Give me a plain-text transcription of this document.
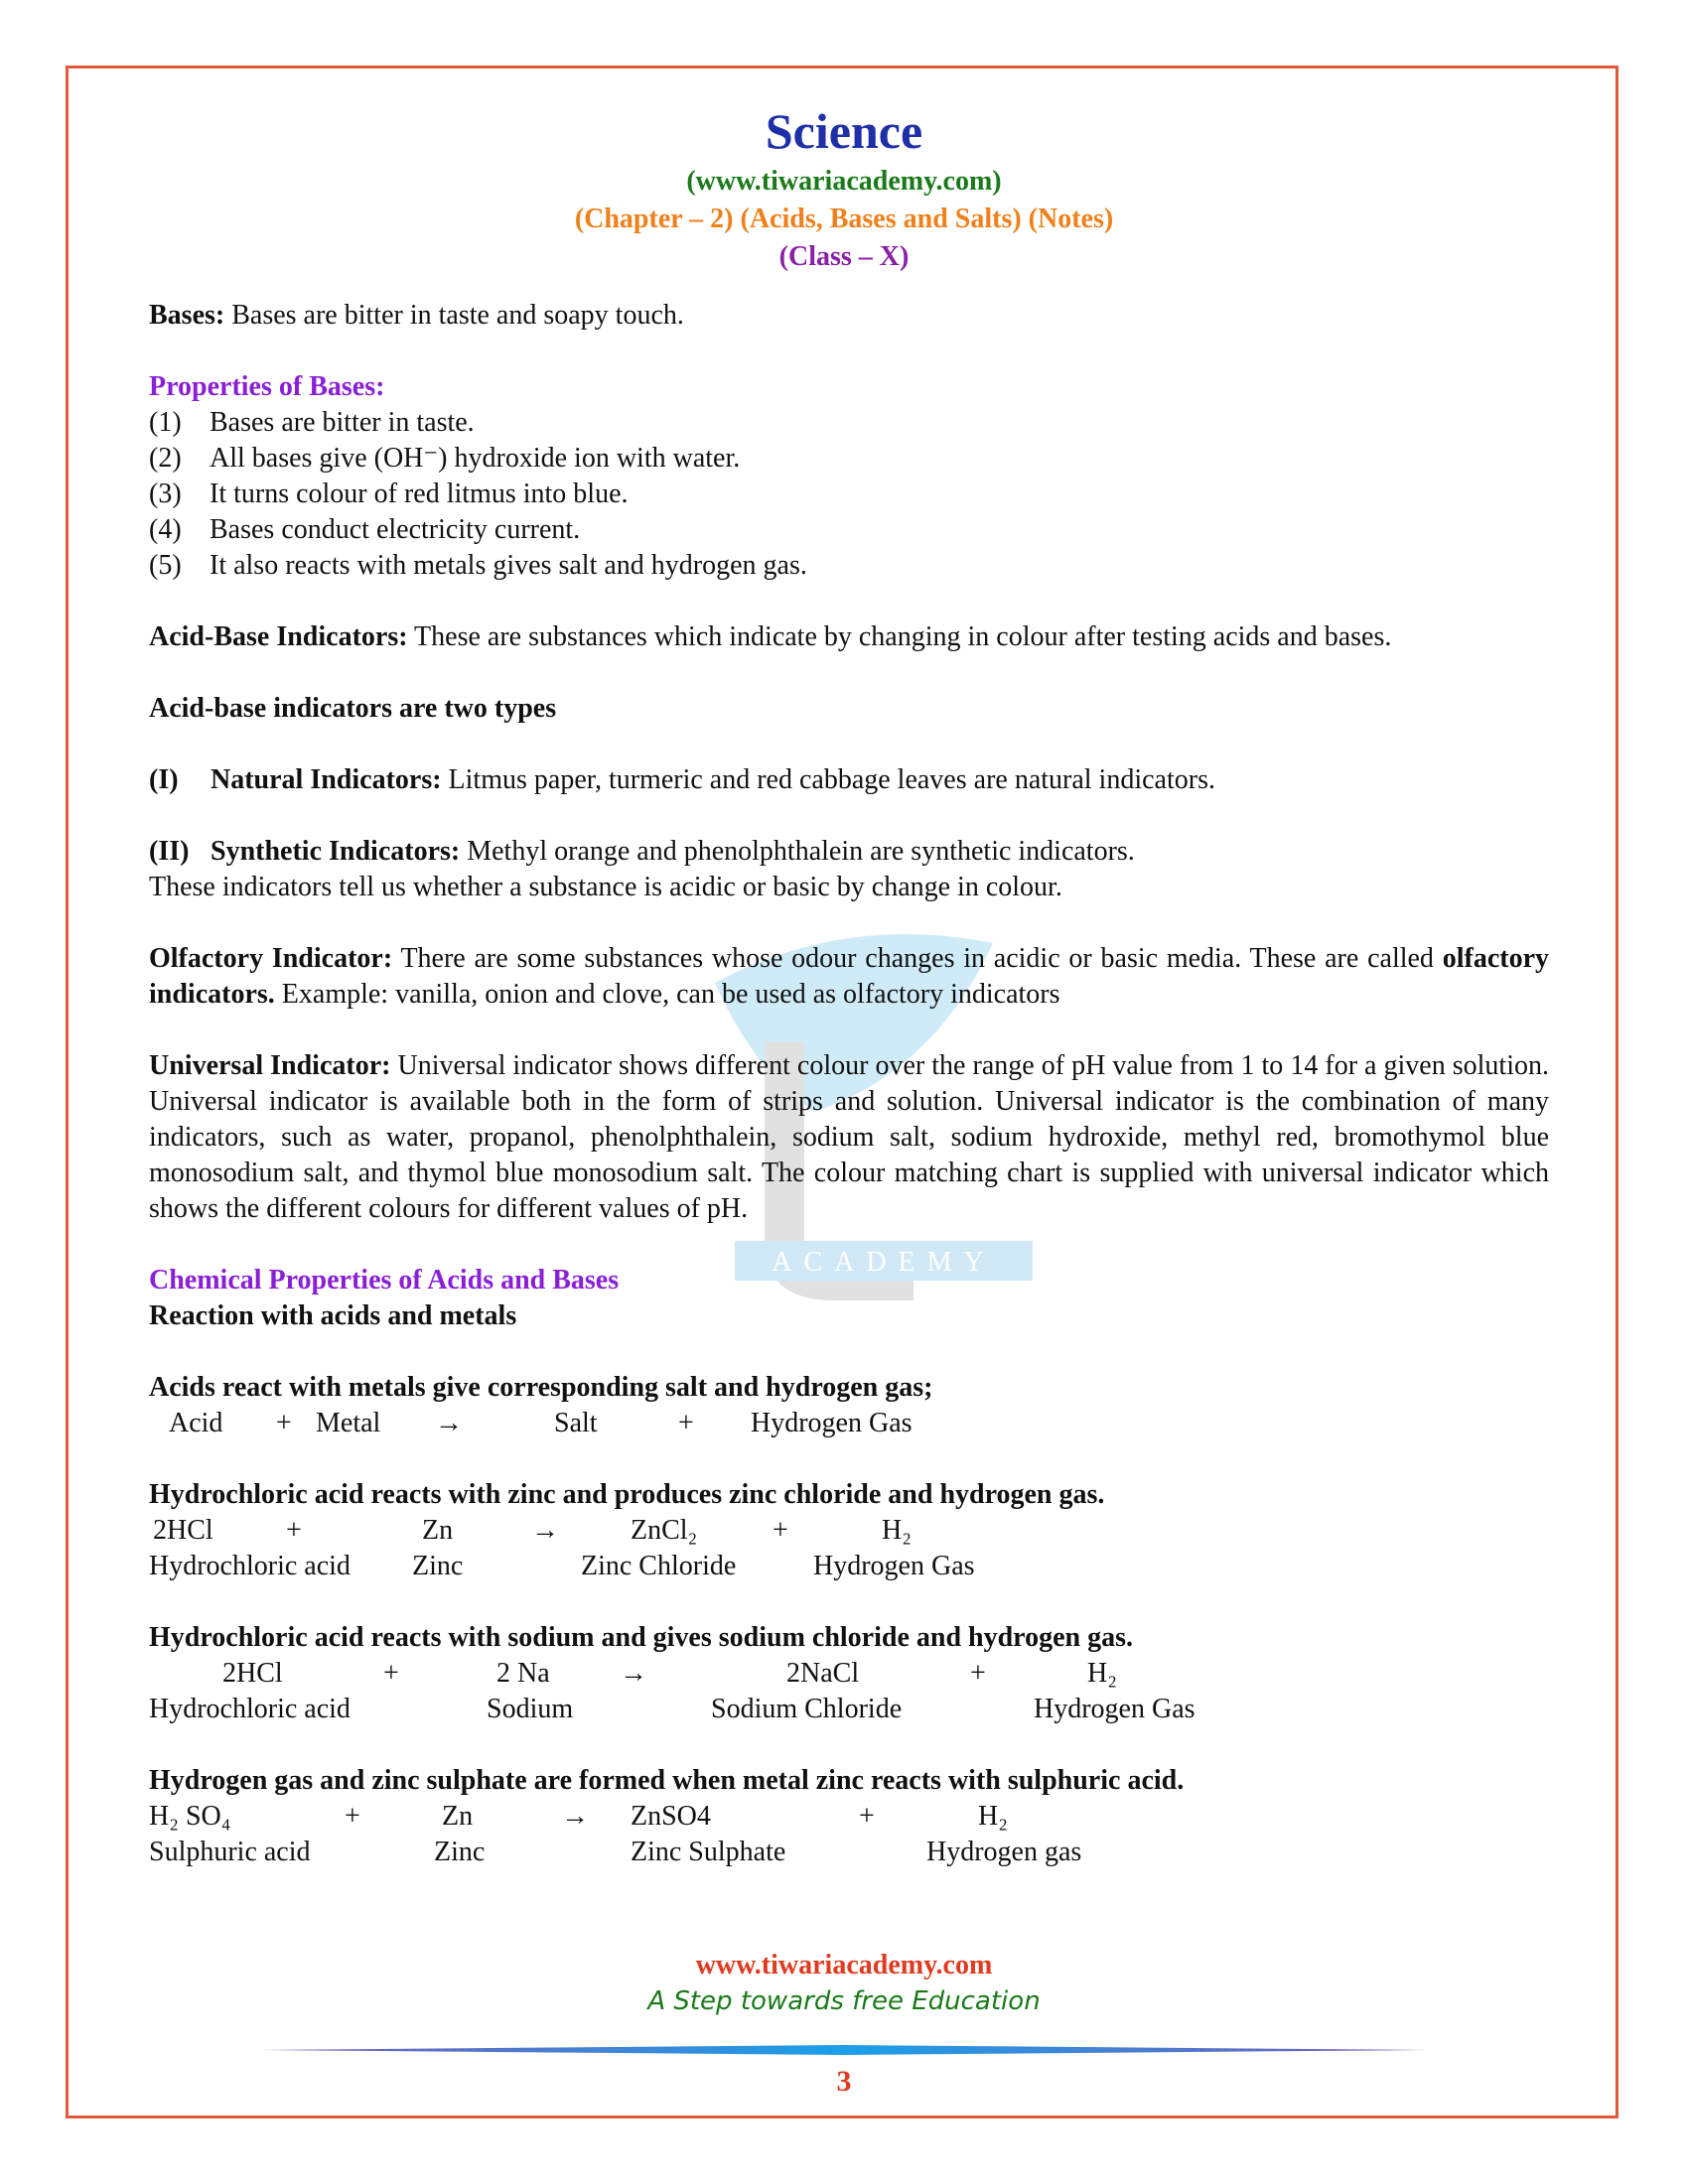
Science
(www.tiwariacademy.com)
(Chapter – 2) (Acids, Bases and Salts) (Notes)
(Class – X)
ACADEMY

Bases: Bases are bitter in taste and soapy touch.

Properties of Bases:

(1)	Bases are bitter in taste.
(2)	All bases give (OH⁻) hydroxide ion with water.
(3)	It turns colour of red litmus into blue.
(4)	Bases conduct electricity current.
(5)	It also reacts with metals gives salt and hydrogen gas.

Acid-Base Indicators: These are substances which indicate by changing in colour after testing acids and bases.

Acid-base indicators are two types

(I) Natural Indicators: Litmus paper, turmeric and red cabbage leaves are natural indicators.

(II) Synthetic Indicators: Methyl orange and phenolphthalein are synthetic indicators.

These indicators tell us whether a substance is acidic or basic by change in colour.

Olfactory Indicator: There are some substances whose odour changes in acidic or basic media. These are called olfactory indicators. Example: vanilla, onion and clove, can be used as olfactory indicators

Universal Indicator: Universal indicator shows different colour over the range of pH value from 1 to 14 for a given solution. Universal indicator is available both in the form of strips and solution. Universal indicator is the combination of many indicators, such as water, propanol, phenolphthalein, sodium salt, sodium hydroxide, methyl red, bromothymol blue monosodium salt, and thymol blue monosodium salt. The colour matching chart is supplied with universal indicator which shows the different colours for different values of pH.

Chemical Properties of Acids and Bases

Reaction with acids and metals

Acids react with metals give corresponding salt and hydrogen gas;

Acid	+ Metal	→	Salt	+	Hydrogen Gas

Hydrochloric acid reacts with zinc and produces zinc chloride and hydrogen gas.

2HCl	+	Zn	→	ZnCl₂	+	H₂
Hydrochloric acid	Zinc	Zinc Chloride	Hydrogen Gas

Hydrochloric acid reacts with sodium and gives sodium chloride and hydrogen gas.

2HCl	+	2 Na	→	2NaCl	+	H₂
Hydrochloric acid	Sodium	Sodium Chloride	Hydrogen Gas

Hydrogen gas and zinc sulphate are formed when metal zinc reacts with sulphuric acid.

H₂ SO₄	+	Zn	→	ZnSO4	+	H₂
Sulphuric acid	Zinc	Zinc Sulphate	Hydrogen gas
www.tiwariacademy.com
A Step towards free Education
3
